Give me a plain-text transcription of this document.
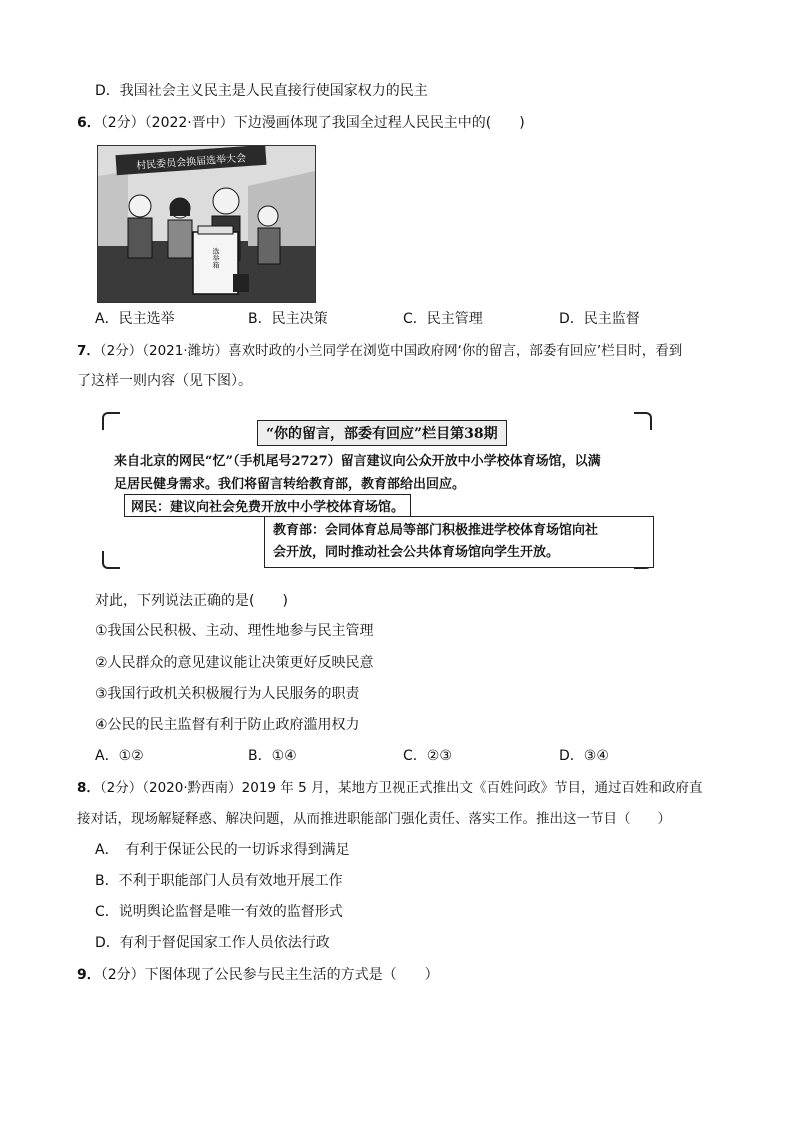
D．我国社会主义民主是人民直接行使国家权力的民主
6．（2分）（2022·晋中）下边漫画体现了我国全过程人民民主中的(　　)
村民委员会换届选举大会
选举箱
A．民主选举	B．民主决策	C．民主管理	D．民主监督
7．（2分）（2021·潍坊）喜欢时政的小兰同学在浏览中国政府网‘你的留言，部委有回应’栏目时，看到
了这样一则内容（见下图）。
“你的留言，部委有回应”栏目第38期
来自北京的网民“忆”（手机尾号2727）留言建议向公众开放中小学校体育场馆，以满
足居民健身需求。我们将留言转给教育部，教育部给出回应。
网民：建议向社会免费开放中小学校体育场馆。
教育部：会同体育总局等部门积极推进学校体育场馆向社
会开放，同时推动社会公共体育场馆向学生开放。
对此，下列说法正确的是(　　)
①我国公民积极、主动、理性地参与民主管理
②人民群众的意见建议能让决策更好反映民意
③我国行政机关积极履行为人民服务的职责
④公民的民主监督有利于防止政府滥用权力
A．①②	B．①④	C．②③	D．③④
8．（2分）（2020·黔西南）2019 年 5 月，某地方卫视正式推出文《百姓问政》节目，通过百姓和政府直
接对话，现场解疑释惑、解决问题，从而推进职能部门强化责任、落实工作。推出这一节目（　　）
A．　有利于保证公民的一切诉求得到满足
B．不利于职能部门人员有效地开展工作
C．说明舆论监督是唯一有效的监督形式
D．有利于督促国家工作人员依法行政
9．（2分）下图体现了公民参与民主生活的方式是（　　）
